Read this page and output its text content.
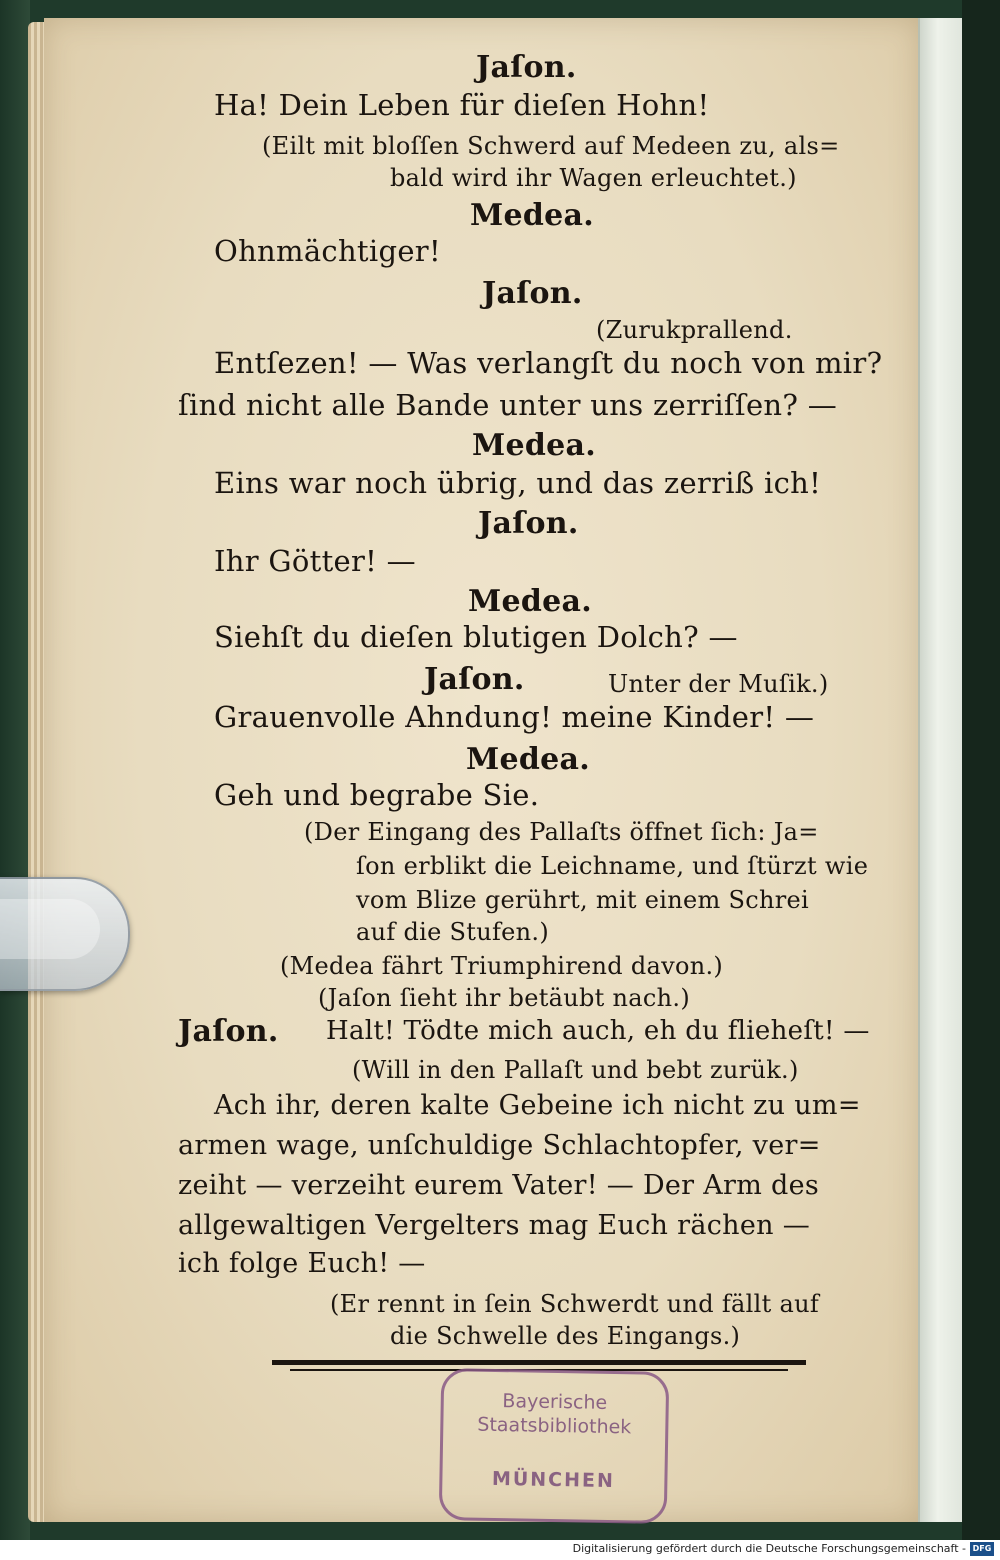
Jaſon.
Ha! Dein Leben für dieſen Hohn!
(Eilt mit bloſſen Schwerd auf Medeen zu, als=
bald wird ihr Wagen erleuchtet.)
Medea.
Ohnmächtiger!
Jaſon.
(Zurukprallend.
Entſezen! — Was verlangſt du noch von mir?
ſind nicht alle Bande unter uns zerriſſen? —
Medea.
Eins war noch übrig, und das zerriß ich!
Jaſon.
Ihr Götter! —
Medea.
Siehſt du dieſen blutigen Dolch? —
Jaſon.	Unter der Muſik.)
Grauenvolle Ahndung! meine Kinder! —
Medea.
Geh und begrabe Sie.
(Der Eingang des Pallaſts öffnet ſich: Ja=
ſon erblikt die Leichname, und ſtürzt wie
vom Blize gerührt, mit einem Schrei
auf die Stufen.)
(Medea fährt Triumphirend davon.)
(Jaſon ſieht ihr betäubt nach.)
Jaſon. Halt! Tödte mich auch, eh du flieheſt! —
(Will in den Pallaſt und bebt zurük.)
Ach ihr, deren kalte Gebeine ich nicht zu um=
armen wage, unſchuldige Schlachtopfer, ver=
zeiht — verzeiht eurem Vater! — Der Arm des
allgewaltigen Vergelters mag Euch rächen —
ich folge Euch! —
(Er rennt in ſein Schwerdt und fällt auf
die Schwelle des Eingangs.)
Bayerische
Staatsbibliothek
MÜNCHEN
Digitalisierung gefördert durch die Deutsche Forschungsgemeinschaft - DFG
